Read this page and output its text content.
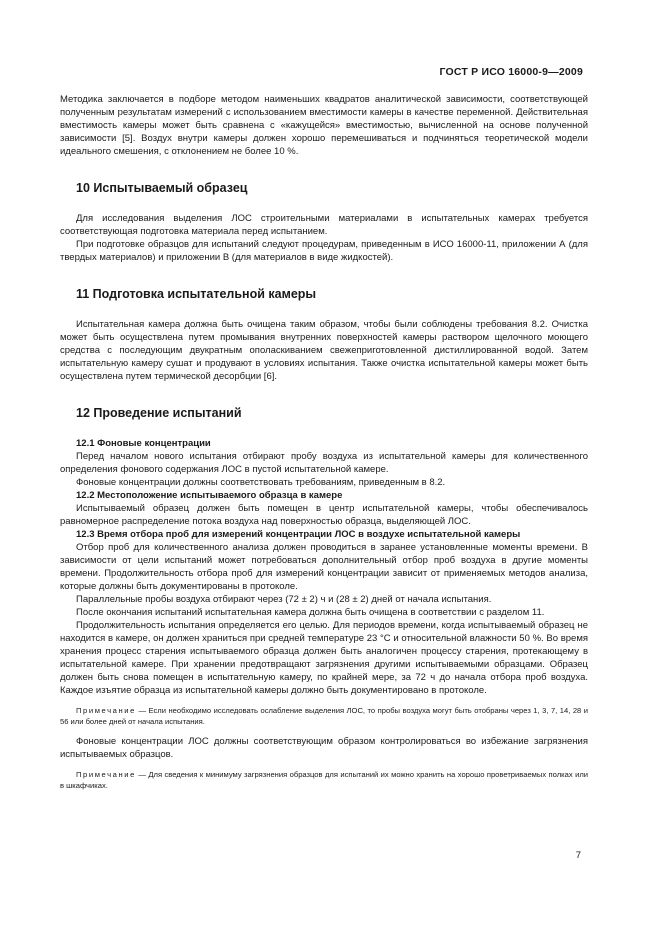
ГОСТ Р ИСО 16000-9—2009

Методика заключается в подборе методом наименьших квадратов аналитической зависимости, соответствующей полученным результатам измерений с использованием вместимости камеры в качестве переменной. Действительная вместимость камеры может быть сравнена с «кажущейся» вместимостью, вычисленной на основе полученной зависимости [5]. Воздух внутри камеры должен хорошо перемешиваться и подчиняться теоретической модели идеального смешения, с отклонением не более 10 %.

10 Испытываемый образец

Для исследования выделения ЛОС строительными материалами в испытательных камерах требуется соответствующая подготовка материала перед испытанием.

При подготовке образцов для испытаний следуют процедурам, приведенным в ИСО 16000-11, приложении А (для твердых материалов) и приложении В (для материалов в виде жидкостей).

11 Подготовка испытательной камеры

Испытательная камера должна быть очищена таким образом, чтобы были соблюдены требования 8.2. Очистка может быть осуществлена путем промывания внутренних поверхностей камеры раствором щелочного моющего средства с последующим двукратным ополаскиванием свежеприготовленной дистиллированной водой. Затем испытательную камеру сушат и продувают в условиях испытания. Также очистка испытательной камеры может быть осуществлена путем термической десорбции [6].

12 Проведение испытаний

12.1 Фоновые концентрации

Перед началом нового испытания отбирают пробу воздуха из испытательной камеры для количественного определения фонового содержания ЛОС в пустой испытательной камере.

Фоновые концентрации должны соответствовать требованиям, приведенным в 8.2.

12.2 Местоположение испытываемого образца в камере

Испытываемый образец должен быть помещен в центр испытательной камеры, чтобы обеспечивалось равномерное распределение потока воздуха над поверхностью образца, выделяющей ЛОС.

12.3 Время отбора проб для измерений концентрации ЛОС в воздухе испытательной камеры

Отбор проб для количественного анализа должен проводиться в заранее установленные моменты времени. В зависимости от цели испытаний может потребоваться дополнительный отбор проб воздуха в другие моменты времени. Продолжительность отбора проб для измерений концентрации зависит от применяемых методов анализа, которые должны быть документированы в протоколе.

Параллельные пробы воздуха отбирают через (72 ± 2) ч и (28 ± 2) дней от начала испытания.

После окончания испытаний испытательная камера должна быть очищена в соответствии с разделом 11.

Продолжительность испытания определяется его целью. Для периодов времени, когда испытываемый образец не находится в камере, он должен храниться при средней температуре 23 °С и относительной влажности 50 %. Во время хранения процесс старения испытываемого образца должен быть аналогичен процессу старения, протекающему в испытательной камере. При хранении предотвращают загрязнения другими испытываемыми образцами. Образец должен быть снова помещен в испытательную камеру, по крайней мере, за 72 ч до начала отбора проб воздуха. Каждое изъятие образца из испытательной камеры должно быть документировано в протоколе.

Примечание — Если необходимо исследовать ослабление выделения ЛОС, то пробы воздуха могут быть отобраны через 1, 3, 7, 14, 28 и 56 или более дней от начала испытания.

Фоновые концентрации ЛОС должны соответствующим образом контролироваться во избежание загрязнения испытываемых образцов.

Примечание — Для сведения к минимуму загрязнения образцов для испытаний их можно хранить на хорошо проветриваемых полках или в шкафчиках.

7
